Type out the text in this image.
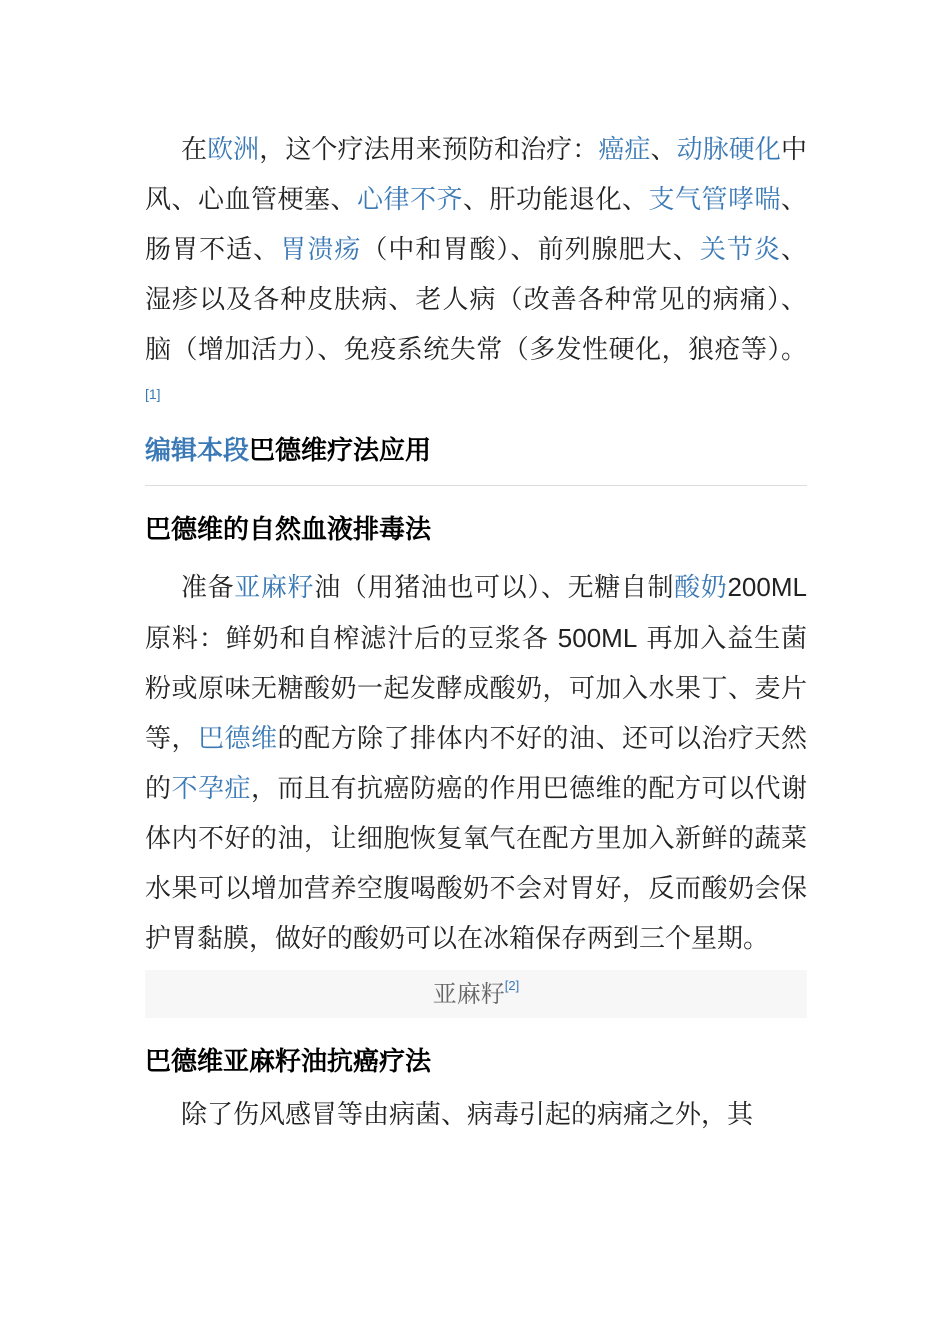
在欧洲，这个疗法用来预防和治疗：癌症、动脉硬化中风、心血管梗塞、心律不齐、肝功能退化、支气管哮喘、肠胃不适、胃溃疡（中和胃酸）、前列腺肥大、关节炎、湿疹以及各种皮肤病、老人病（改善各种常见的病痛）、脑（增加活力）、免疫系统失常（多发性硬化，狼疮等）。[1]

编辑本段巴德维疗法应用
巴德维的自然血液排毒法

准备亚麻籽油（用猪油也可以）、无糖自制酸奶200ML 原料：鲜奶和自榨滤汁后的豆浆各 500ML 再加入益生菌粉或原味无糖酸奶一起发酵成酸奶，可加入水果丁、麦片 等，巴德维的配方除了排体内不好的油、还可以治疗天然的不孕症，而且有抗癌防癌的作用巴德维的配方可以代谢体内不好的油，让细胞恢复氧气在配方里加入新鲜的蔬菜水果可以增加营养空腹喝酸奶不会对胃好，反而酸奶会保护胃黏膜，做好的酸奶可以在冰箱保存两到三个星期。

亚麻籽[2]
巴德维亚麻籽油抗癌疗法

除了伤风感冒等由病菌、病毒引起的病痛之外，其
